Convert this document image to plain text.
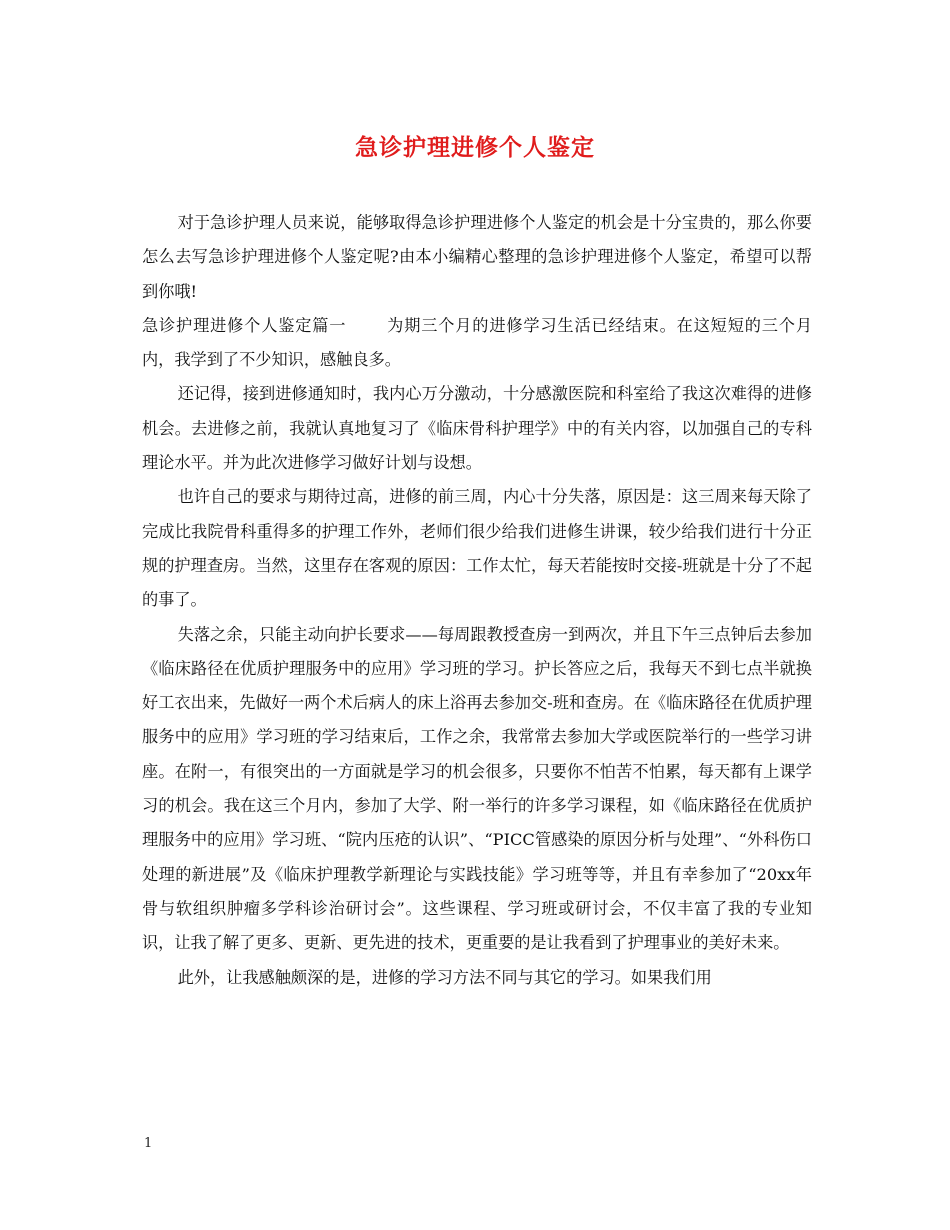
急诊护理进修个人鉴定

对于急诊护理人员来说，能够取得急诊护理进修个人鉴定的机会是十分宝贵的，那么你要怎么去写急诊护理进修个人鉴定呢?由本小编精心整理的急诊护理进修个人鉴定，希望可以帮到你哦!

急诊护理进修个人鉴定篇一 为期三个月的进修学习生活已经结束。在这短短的三个月内，我学到了不少知识，感触良多。

还记得，接到进修通知时，我内心万分激动，十分感激医院和科室给了我这次难得的进修机会。去进修之前，我就认真地复习了《临床骨科护理学》中的有关内容，以加强自己的专科理论水平。并为此次进修学习做好计划与设想。

也许自己的要求与期待过高，进修的前三周，内心十分失落，原因是：这三周来每天除了完成比我院骨科重得多的护理工作外，老师们很少给我们进修生讲课，较少给我们进行十分正规的护理查房。当然，这里存在客观的原因：工作太忙，每天若能按时交接-班就是十分了不起的事了。

失落之余，只能主动向护长要求——每周跟教授查房一到两次，并且下午三点钟后去参加《临床路径在优质护理服务中的应用》学习班的学习。护长答应之后，我每天不到七点半就换好工衣出来，先做好一两个术后病人的床上浴再去参加交-班和查房。在《临床路径在优质护理服务中的应用》学习班的学习结束后，工作之余，我常常去参加大学或医院举行的一些学习讲座。在附一，有很突出的一方面就是学习的机会很多，只要你不怕苦不怕累，每天都有上课学习的机会。我在这三个月内，参加了大学、附一举行的许多学习课程，如《临床路径在优质护理服务中的应用》学习班、“院内压疮的认识”、“PICC管感染的原因分析与处理”、“外科伤口处理的新进展”及《临床护理教学新理论与实践技能》学习班等等，并且有幸参加了“20xx年骨与软组织肿瘤多学科诊治研讨会”。这些课程、学习班或研讨会，不仅丰富了我的专业知识，让我了解了更多、更新、更先进的技术，更重要的是让我看到了护理事业的美好未来。

此外，让我感触颇深的是，进修的学习方法不同与其它的学习。如果我们用

1
